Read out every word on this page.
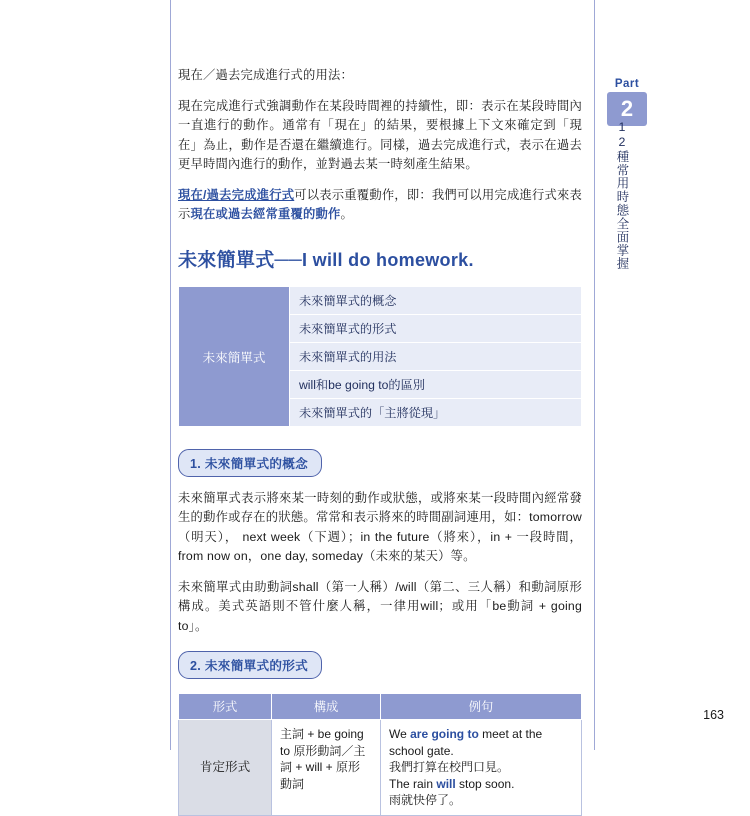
現在／過去完成進行式的用法：

現在完成進行式強調動作在某段時間裡的持續性，即：表示在某段時間內一直進行的動作。通常有「現在」的結果，要根據上下文來確定到「現在」為止，動作是否還在繼續進行。同樣，過去完成進行式，表示在過去更早時間內進行的動作，並對過去某一時刻產生結果。

現在/過去完成進行式可以表示重覆動作，即：我們可以用完成進行式來表示現在或過去經常重覆的動作。

未來簡單式──I will do homework.
未來簡單式	未來簡單式的概念
未來簡單式的形式
未來簡單式的用法
will和be going to的區別
未來簡單式的「主將從現」
1. 未來簡單式的概念

未來簡單式表示將來某一時刻的動作或狀態，或將來某一段時間內經常發生的動作或存在的狀態。常常和表示將來的時間副詞連用，如：tomorrow（明天）， next week（下週）；in the future（將來），in + 一段時間，from now on，one day, someday（未來的某天）等。

未來簡單式由助動詞shall（第一人稱）/will（第二、三人稱）和動詞原形構成。美式英語則不管什麼人稱，一律用will；或用「be動詞 + going to」。

2. 未來簡單式的形式
形式	構成	例句
肯定形式	主詞 + be going to 原形動詞／主詞 + will + 原形動詞	We are going to meet at the school gate.
我們打算在校門口見。
The rain will stop soon.
雨就快停了。
Part
2
12種常用時態全面掌握
163
